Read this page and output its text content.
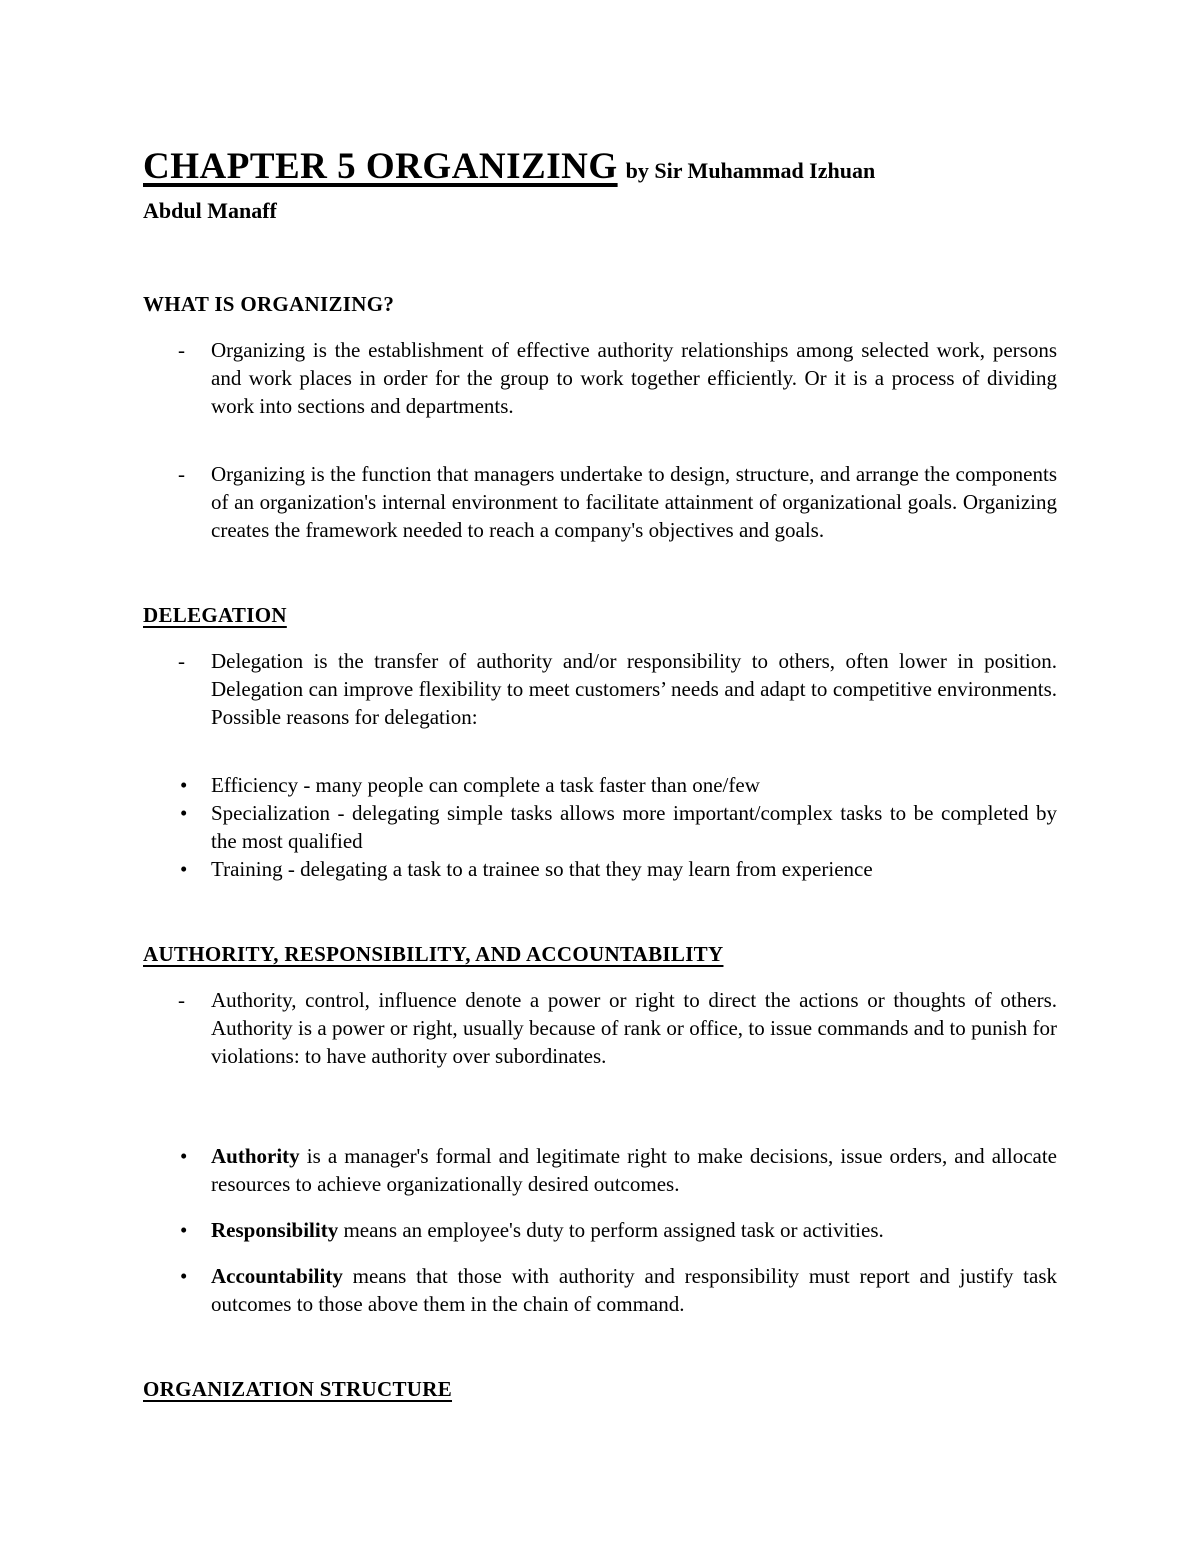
CHAPTER 5 ORGANIZING by Sir Muhammad Izhuan
Abdul Manaff
WHAT IS ORGANIZING?
- Organizing is the establishment of effective authority relationships among selected work, persons and work places in order for the group to work together efficiently. Or it is a process of dividing work into sections and departments.
- Organizing is the function that managers undertake to design, structure, and arrange the components of an organization's internal environment to facilitate attainment of organizational goals. Organizing creates the framework needed to reach a company's objectives and goals.
DELEGATION
- Delegation is the transfer of authority and/or responsibility to others, often lower in position. Delegation can improve flexibility to meet customers’ needs and adapt to competitive environments. Possible reasons for delegation:
• Efficiency - many people can complete a task faster than one/few
• Specialization - delegating simple tasks allows more important/complex tasks to be completed by the most qualified
• Training - delegating a task to a trainee so that they may learn from experience
AUTHORITY, RESPONSIBILITY, AND ACCOUNTABILITY
- Authority, control, influence denote a power or right to direct the actions or thoughts of others. Authority is a power or right, usually because of rank or office, to issue commands and to punish for violations: to have authority over subordinates.
• Authority is a manager's formal and legitimate right to make decisions, issue orders, and allocate resources to achieve organizationally desired outcomes.
• Responsibility means an employee's duty to perform assigned task or activities.
• Accountability means that those with authority and responsibility must report and justify task outcomes to those above them in the chain of command.
ORGANIZATION STRUCTURE
